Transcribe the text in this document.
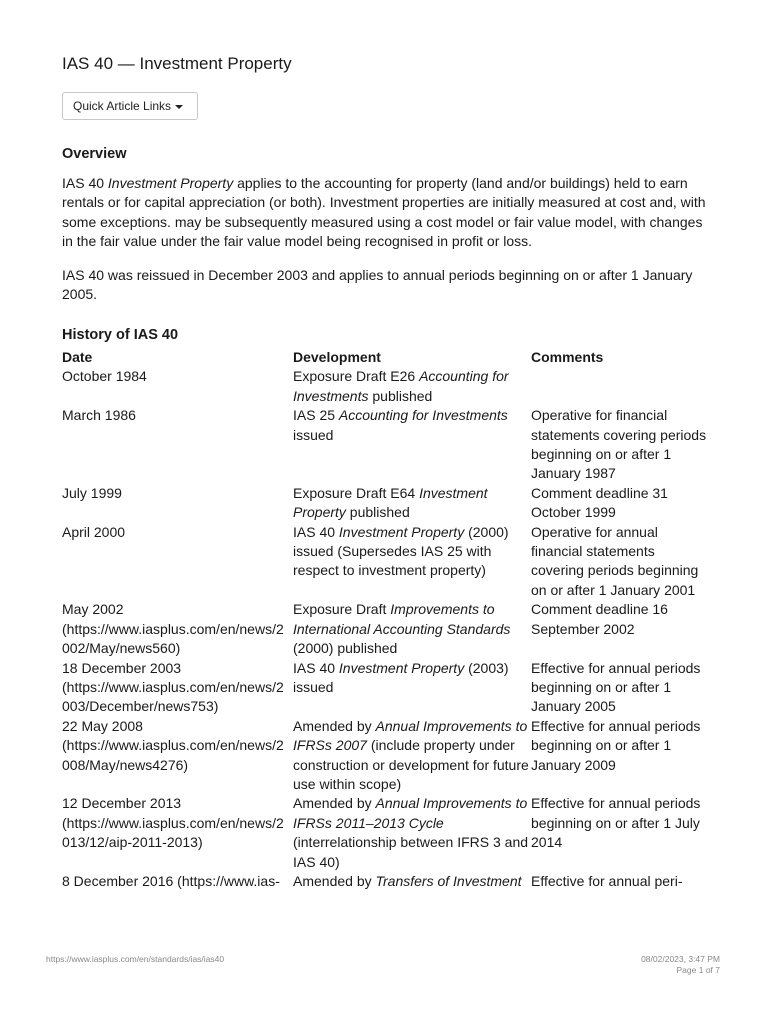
IAS 40 — Investment Property
Quick Article Links
Overview

IAS 40 Investment Property applies to the accounting for property (land and/or buildings) held to earn rentals or for capital appreciation (or both). Investment properties are initially measured at cost and, with some exceptions. may be subsequently measured using a cost model or fair value model, with changes in the fair value under the fair value model being recognised in profit or loss.

IAS 40 was reissued in December 2003 and applies to annual periods beginning on or after 1 January 2005.

History of IAS 40
Date	Development	Comments
October 1984	Exposure Draft E26 Accounting for Investments published	
March 1986	IAS 25 Accounting for Investments issued	Operative for financial statements covering periods beginning on or after 1 January 1987
July 1999	Exposure Draft E64 Investment Property published	Comment deadline 31 October 1999
April 2000	IAS 40 Investment Property (2000) issued (Supersedes IAS 25 with respect to investment property)	Operative for annual financial statements covering periods beginning on or after 1 January 2001
May 2002 (https://www.iasplus.com/en/news/2002/May/news560)	Exposure Draft Improvements to International Accounting Standards (2000) published	Comment deadline 16 September 2002
18 December 2003 (https://www.iasplus.com/en/news/2003/December/news753)	IAS 40 Investment Property (2003) issued	Effective for annual periods beginning on or after 1 January 2005
22 May 2008 (https://www.iasplus.com/en/news/2008/May/news4276)	Amended by Annual Improvements to IFRSs 2007 (include property under construction or development for future use within scope)	Effective for annual periods beginning on or after 1 January 2009
12 December 2013 (https://www.iasplus.com/en/news/2013/12/aip-2011-2013)	Amended by Annual Improvements to IFRSs 2011–2013 Cycle (interrelationship between IFRS 3 and IAS 40)	Effective for annual periods beginning on or after 1 July 2014
8 December 2016 (https://www.ias-	Amended by Transfers of Investment	Effective for annual peri-
https://www.iasplus.com/en/standards/ias/ias40	08/02/2023, 3:47 PM
Page 1 of 7
